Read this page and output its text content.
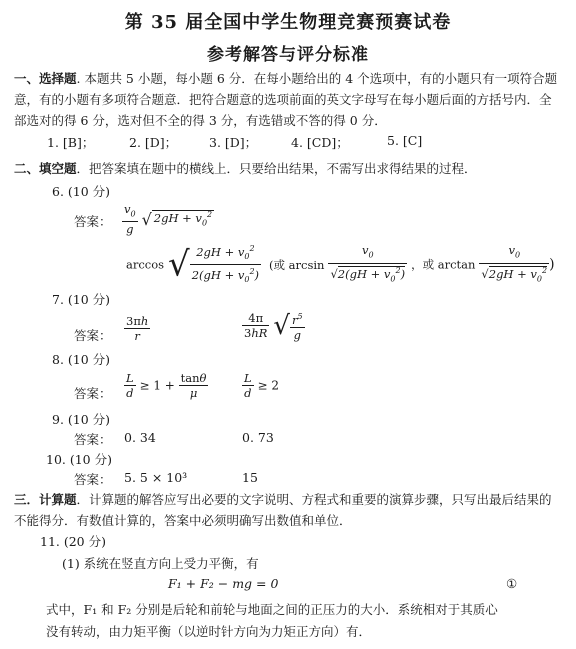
第 35 届全国中学生物理竞赛预赛试卷
参考解答与评分标准
一、选择题. 本题共 5 小题，每小题 6 分．在每小题给出的 4 个选项中，有的小题只有一项符合题意，有的小题有多项符合题意．把符合题意的选项前面的英文字母写在每小题后面的方括号内．全部选对的得 6 分，选对但不全的得 3 分，有选错或不答的得 0 分．
1. [B]；	2. [D]；	3. [D]；	4. [CD]；	5. [C]
二、填空题．把答案填在题中的横线上．只要给出结果，不需写出求得结果的过程．
6. (10 分)
答案： $\frac{v_0}{g}$ √ $2gH + v_0^2$
arccos √ $\frac{2gH + v_0^2}{2(gH + v_0^2)}$ (或 $\arcsin \frac{v_0}{√2(gH + v_0^2)}$ ，或 $\arctan \frac{v_0}{√2gH + v_0^2}$ )
7. (10 分)
答案： $\frac{3\pi h}{r}$	$\frac{4\pi}{3hR}$ √ $\frac{r^5}{g}$
8. (10 分)
答案： $\frac{L}{d} \ge 1 + \frac{\tan\theta}{\mu}$	$\frac{L}{d} \ge 2$
9. (10 分)
答案： 0. 34	0. 73
10. (10 分)
答案： 5. 5 × 10³	15
三．计算题．计算题的解答应写出必要的文字说明、方程式和重要的演算步骤，只写出最后结果的不能得分．有数值计算的，答案中必须明确写出数值和单位．
11. (20 分)
(1) 系统在竖直方向上受力平衡，有
F₁ + F₂ − mg = 0	①
式中，F₁ 和 F₂ 分别是后轮和前轮与地面之间的正压力的大小．系统相对于其质心
没有转动，由力矩平衡（以逆时针方向为力矩正方向）有．
